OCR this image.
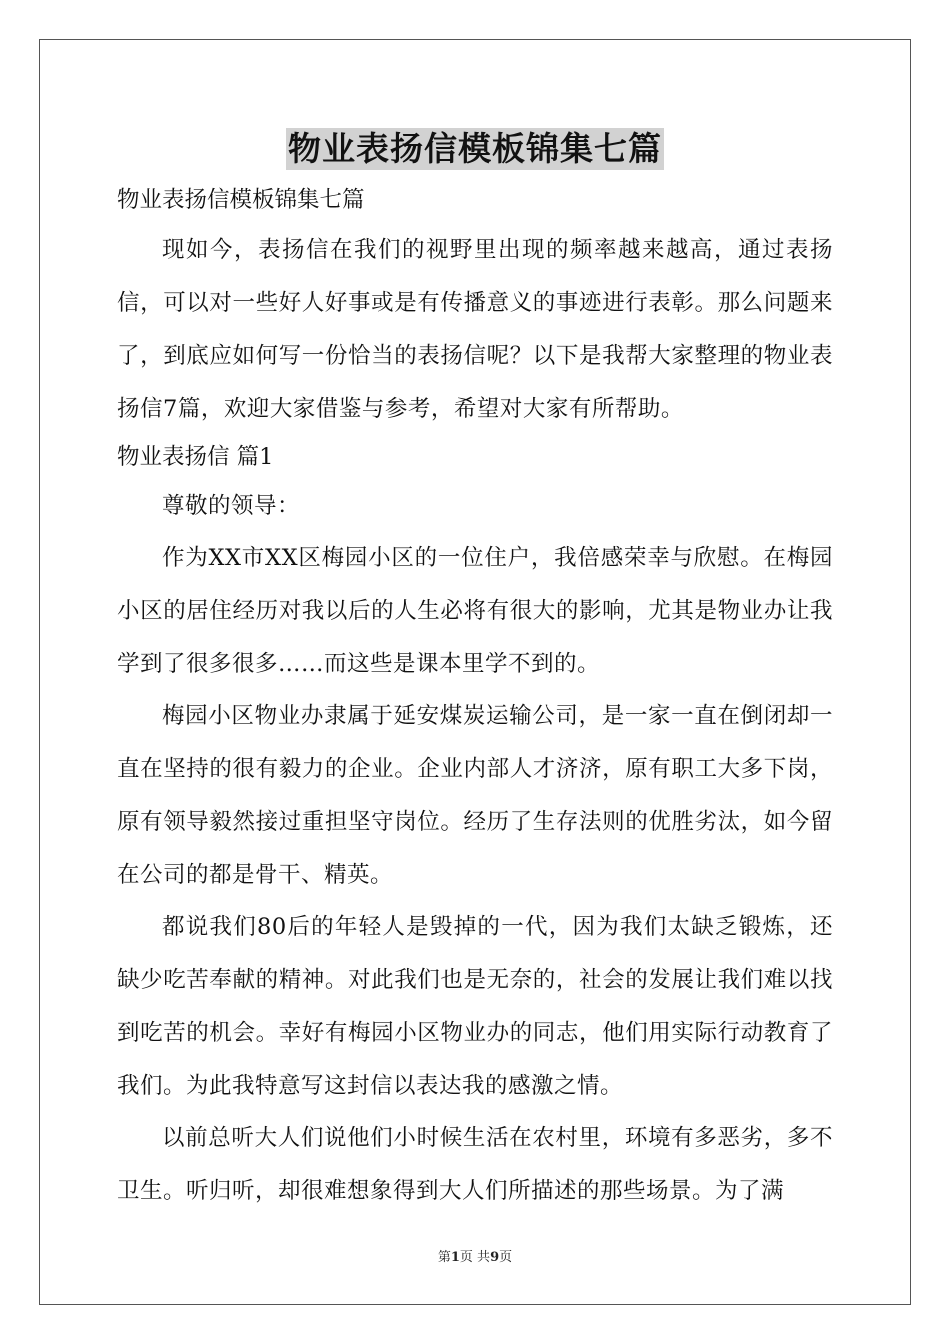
物业表扬信模板锦集七篇

物业表扬信模板锦集七篇

现如今，表扬信在我们的视野里出现的频率越来越高，通过表扬信，可以对一些好人好事或是有传播意义的事迹进行表彰。那么问题来了，到底应如何写一份恰当的表扬信呢？以下是我帮大家整理的物业表扬信7篇，欢迎大家借鉴与参考，希望对大家有所帮助。

物业表扬信 篇1

尊敬的领导：

作为XX市XX区梅园小区的一位住户，我倍感荣幸与欣慰。在梅园小区的居住经历对我以后的人生必将有很大的影响，尤其是物业办让我学到了很多很多……而这些是课本里学不到的。

梅园小区物业办隶属于延安煤炭运输公司，是一家一直在倒闭却一直在坚持的很有毅力的企业。企业内部人才济济，原有职工大多下岗，原有领导毅然接过重担坚守岗位。经历了生存法则的优胜劣汰，如今留在公司的都是骨干、精英。

都说我们80后的年轻人是毁掉的一代，因为我们太缺乏锻炼，还缺少吃苦奉献的精神。对此我们也是无奈的，社会的发展让我们难以找到吃苦的机会。幸好有梅园小区物业办的同志，他们用实际行动教育了我们。为此我特意写这封信以表达我的感激之情。

以前总听大人们说他们小时候生活在农村里，环境有多恶劣，多不卫生。听归听，却很难想象得到大人们所描述的那些场景。为了满

第1页 共9页
